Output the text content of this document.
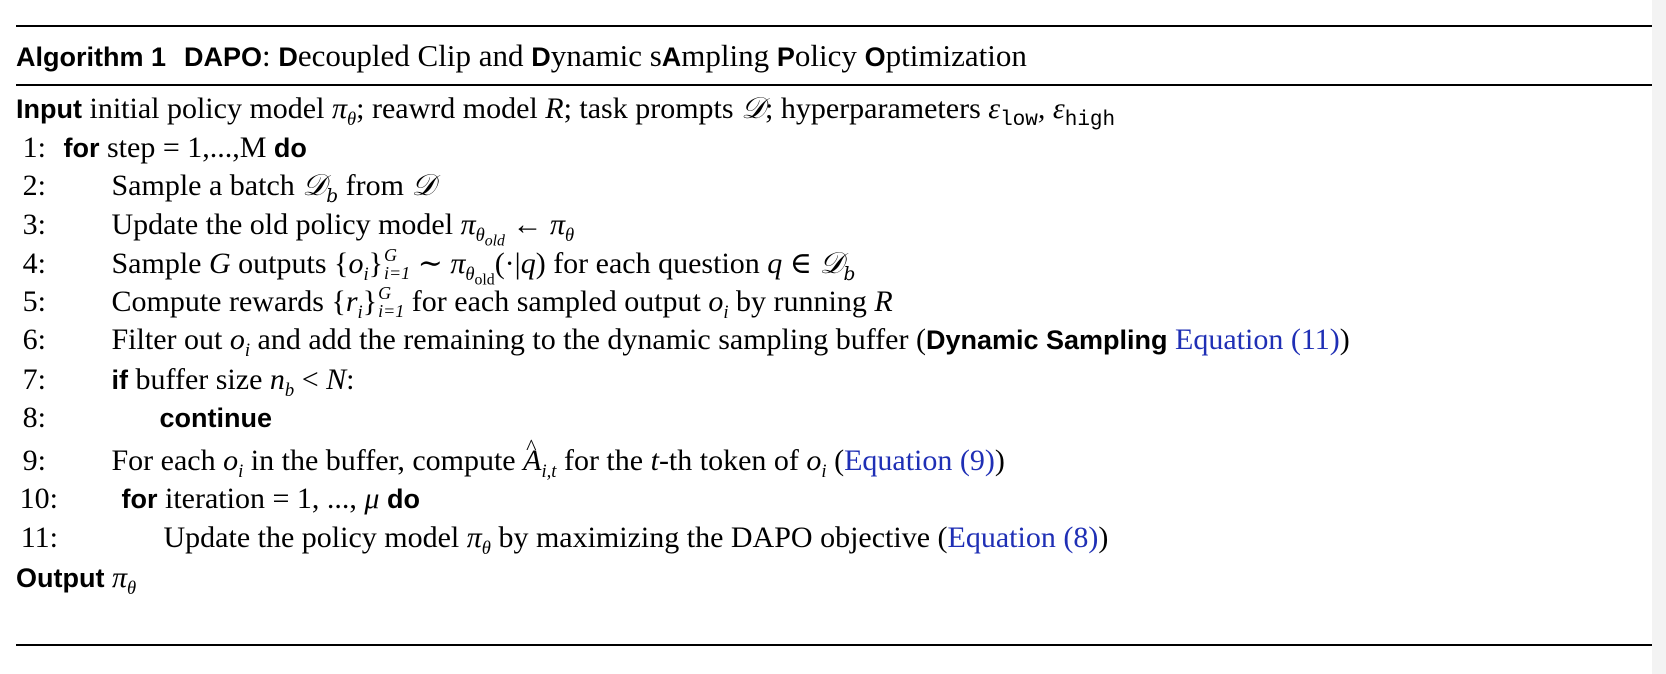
Algorithm 1 DAPO: Decoupled Clip and Dynamic sAmpling Policy Optimization
Input initial policy model $\pi_\theta$; reawrd model R; task prompts 𝒟; hyperparameters $\varepsilon_{low}$, $\varepsilon_{high}$
1: for step = 1,...,M do
2: Sample a batch 𝒟$_b$ from 𝒟
3: Update the old policy model $\pi_{\theta_{old}}$ ← $\pi_\theta$
4: Sample G outputs $\{o_i\}$ G
i=1 ∼ $\pi_{\theta_{old}}(\cdot|q)$ for each question q ∈ 𝒟$_b$
5: Compute rewards $\{r_i\}$ G
i=1 for each sampled output $o_i$ by running R
6: Filter out $o_i$ and add the remaining to the dynamic sampling buffer (Dynamic Sampling Equation (11))
7: if buffer size $n_b < N$:
8:	continue
9: For each $o_i$ in the buffer, compute ^ $A_{i,t}$ for the t-th token of $o_i$ (Equation (9))
10: for iteration = 1, ..., μ do
11:	Update the policy model $\pi_\theta$ by maximizing the DAPO objective (Equation (8))
Output $\pi_\theta$
